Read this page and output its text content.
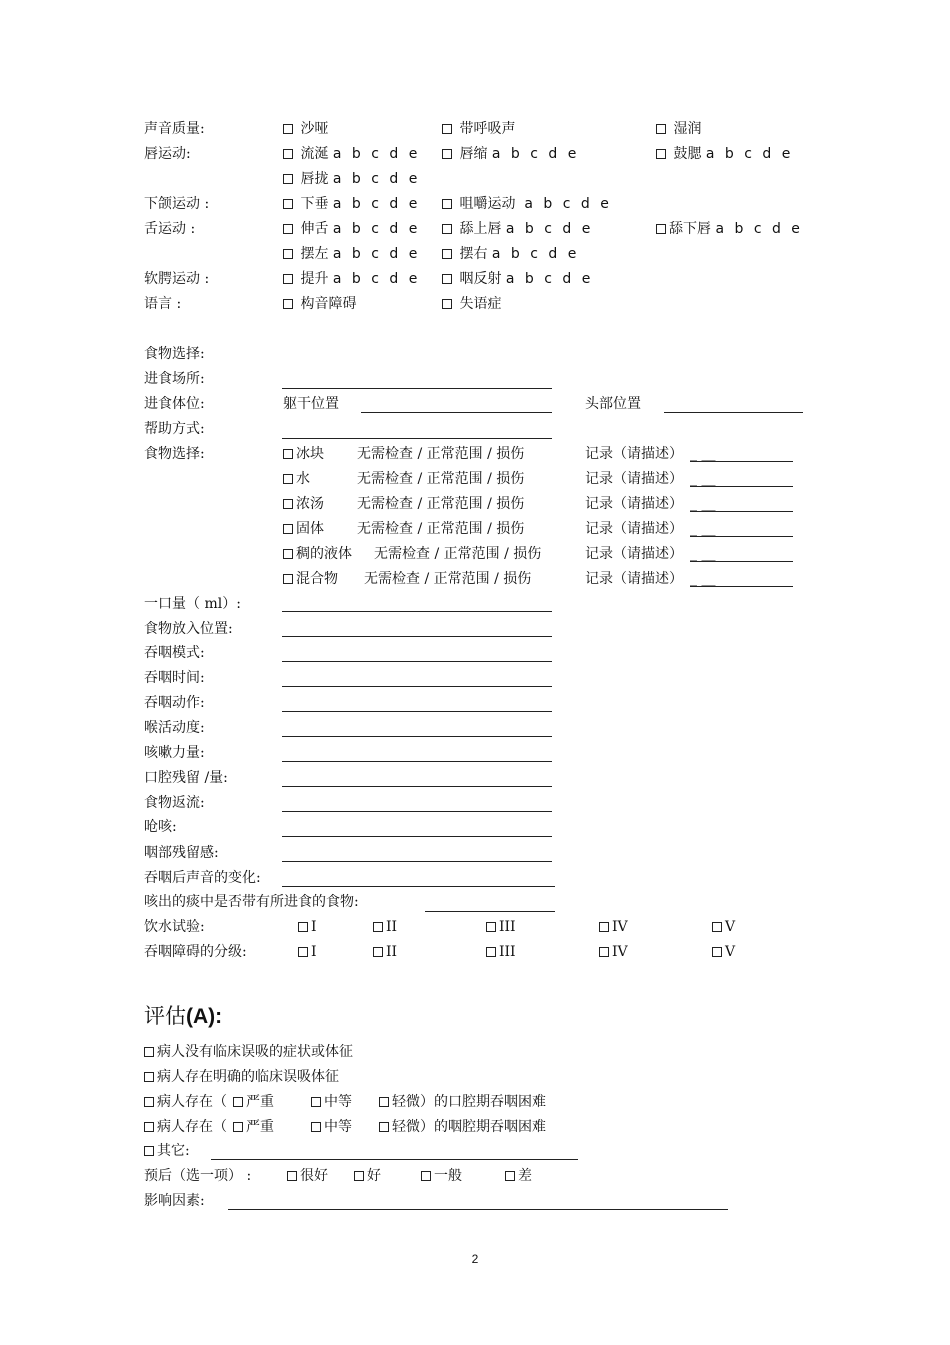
声音质量:	沙哑	带呼吸声	湿润
唇运动:	流涎 a b c d e	唇缩 a b c d e	鼓腮 a b c d e
唇拢 a b c d e
下颌运动 :	下垂 a b c d e	咀嚼运动 a b c d e
舌运动 :	伸舌 a b c d e	舔上唇 a b c d e	舔下唇 a b c d e
摆左 a b c d e	摆右 a b c d e
软腭运动 :	提升 a b c d e	咽反射 a b c d e
语言 :	构音障碍	失语症
食物选择:
进食场所:
进食体位:	躯干位置	头部位置
帮助方式:
食物选择:	冰块 无需检查 / 正常范围 / 损伤	记录（请描述） _ __
水	无需检查 / 正常范围 / 损伤	记录（请描述） _ __
浓汤 无需检查 / 正常范围 / 损伤	记录（请描述） _ __
固体 无需检查 / 正常范围 / 损伤	记录（请描述） _ __
稠的液体 无需检查 / 正常范围 / 损伤	记录（请描述） _ __
混合物 无需检查 / 正常范围 / 损伤	记录（请描述） _ __
一口量（ ml）:
食物放入位置:
吞咽模式:
吞咽时间:
吞咽动作:
喉活动度:
咳嗽力量:
口腔残留 /量:
食物返流:
呛咳:
咽部残留感:
吞咽后声音的变化:
咳出的痰中是否带有所进食的食物:
饮水试验:	I	II	III	IV	V
吞咽障碍的分级:	I	II	III	IV	V
评估(A):
病人没有临床误吸的症状或体征
病人存在明确的临床误吸体征
病人存在（	严重	中等	轻微）的口腔期吞咽困难
病人存在（	严重	中等	轻微）的咽腔期吞咽困难
其它:
预后（选一项） :	很好	好	一般	差
影响因素:
2
